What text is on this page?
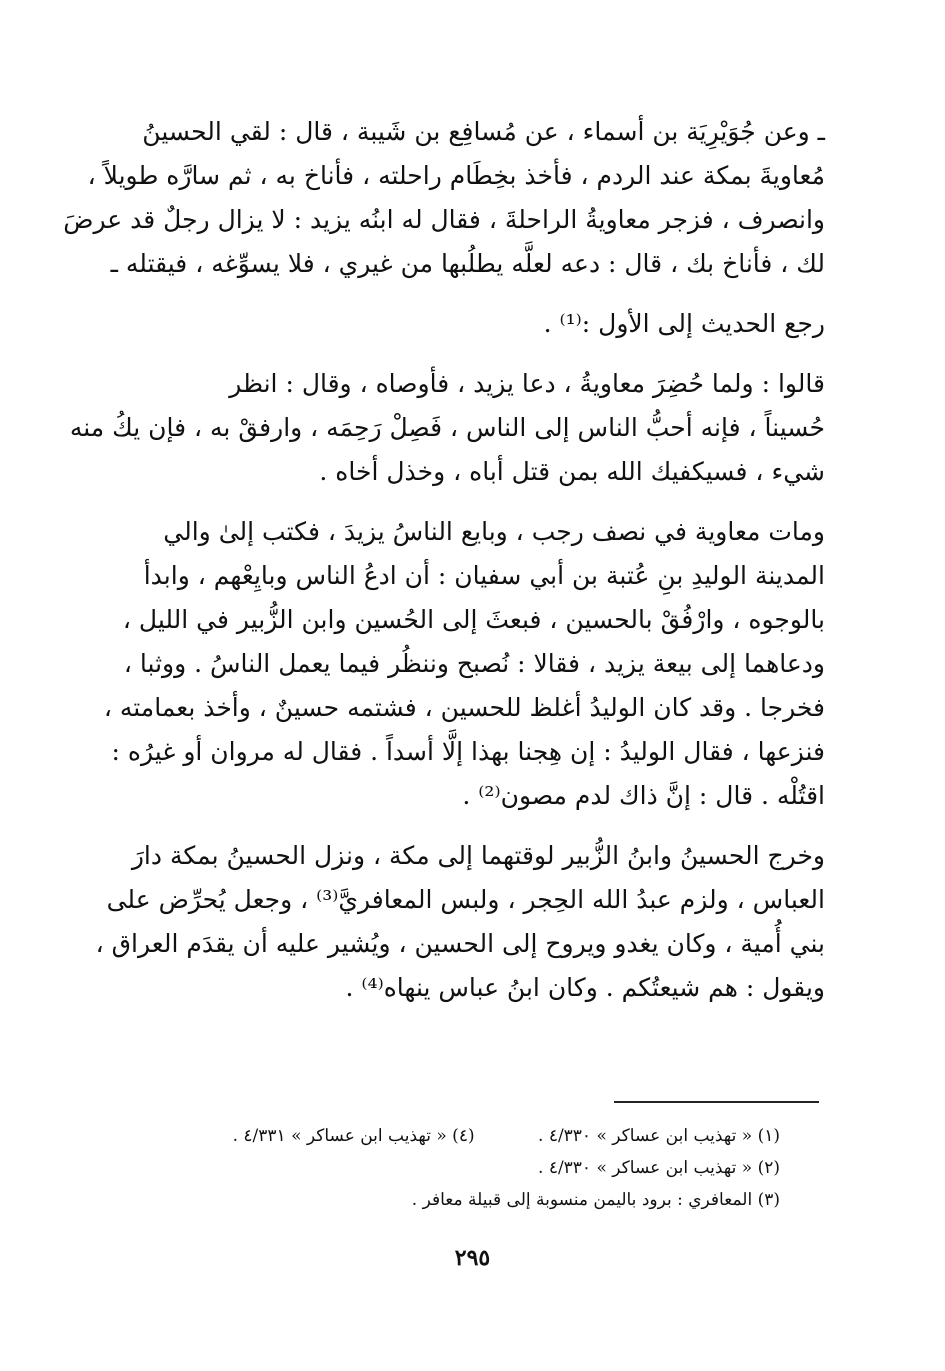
ـ وعن جُوَيْرِيَة بن أسماء ، عن مُسافِع بن شَيبة ، قال : لقي الحسينُ
مُعاويةَ بمكة عند الردم ، فأخذ بخِطَام راحلته ، فأناخ به ، ثم سارَّه طويلاً ،
وانصرف ، فزجر معاويةُ الراحلةَ ، فقال له ابنُه يزيد : لا يزال رجلٌ قد عرضَ
لك ، فأناخ بك ، قال : دعه لعلَّه يطلُبها من غيري ، فلا يسوِّغه ، فيقتله ـ
رجع الحديث إلى الأول :⁽¹⁾ .
قالوا : ولما حُضِرَ معاويةُ ، دعا يزيد ، فأوصاه ، وقال : انظر
حُسيناً ، فإنه أحبُّ الناس إلى الناس ، فَصِلْ رَحِمَه ، وارفقْ به ، فإن يكُ منه
شيء ، فسيكفيك الله بمن قتل أباه ، وخذل أخاه .
ومات معاوية في نصف رجب ، وبايع الناسُ يزيدَ ، فكتب إلىٰ والي
المدينة الوليدِ بنِ عُتبة بن أبي سفيان : أن ادعُ الناس وبايِعْهم ، وابدأ
بالوجوه ، وارْفُقْ بالحسين ، فبعثَ إلى الحُسين وابن الزُّبير في الليل ،
ودعاهما إلى بيعة يزيد ، فقالا : نُصبح وننظُر فيما يعمل الناسُ . ووثبا ،
فخرجا . وقد كان الوليدُ أغلظ للحسين ، فشتمه حسينٌ ، وأخذ بعمامته ،
فنزعها ، فقال الوليدُ : إن هِجنا بهذا إلَّا أسداً . فقال له مروان أو غيرُه :
اقتُلْه . قال : إنَّ ذاك لدم مصون⁽²⁾ .
وخرج الحسينُ وابنُ الزُّبير لوقتهما إلى مكة ، ونزل الحسينُ بمكة دارَ
العباس ، ولزم عبدُ الله الحِجر ، ولبس المعافريَّ⁽³⁾ ، وجعل يُحرِّض على
بني أُمية ، وكان يغدو ويروح إلى الحسين ، ويُشير عليه أن يقدَم العراق ،
ويقول : هم شيعتُكم . وكان ابنُ عباس ينهاه⁽⁴⁾ .
(١) « تهذيب ابن عساكر » ٤/٣٣٠ . (٤) « تهذيب ابن عساكر » ٤/٣٣١ .
(٢) « تهذيب ابن عساكر » ٤/٣٣٠ .
(٣) المعافري : برود باليمن منسوبة إلى قبيلة معافر .
٢٩٥
